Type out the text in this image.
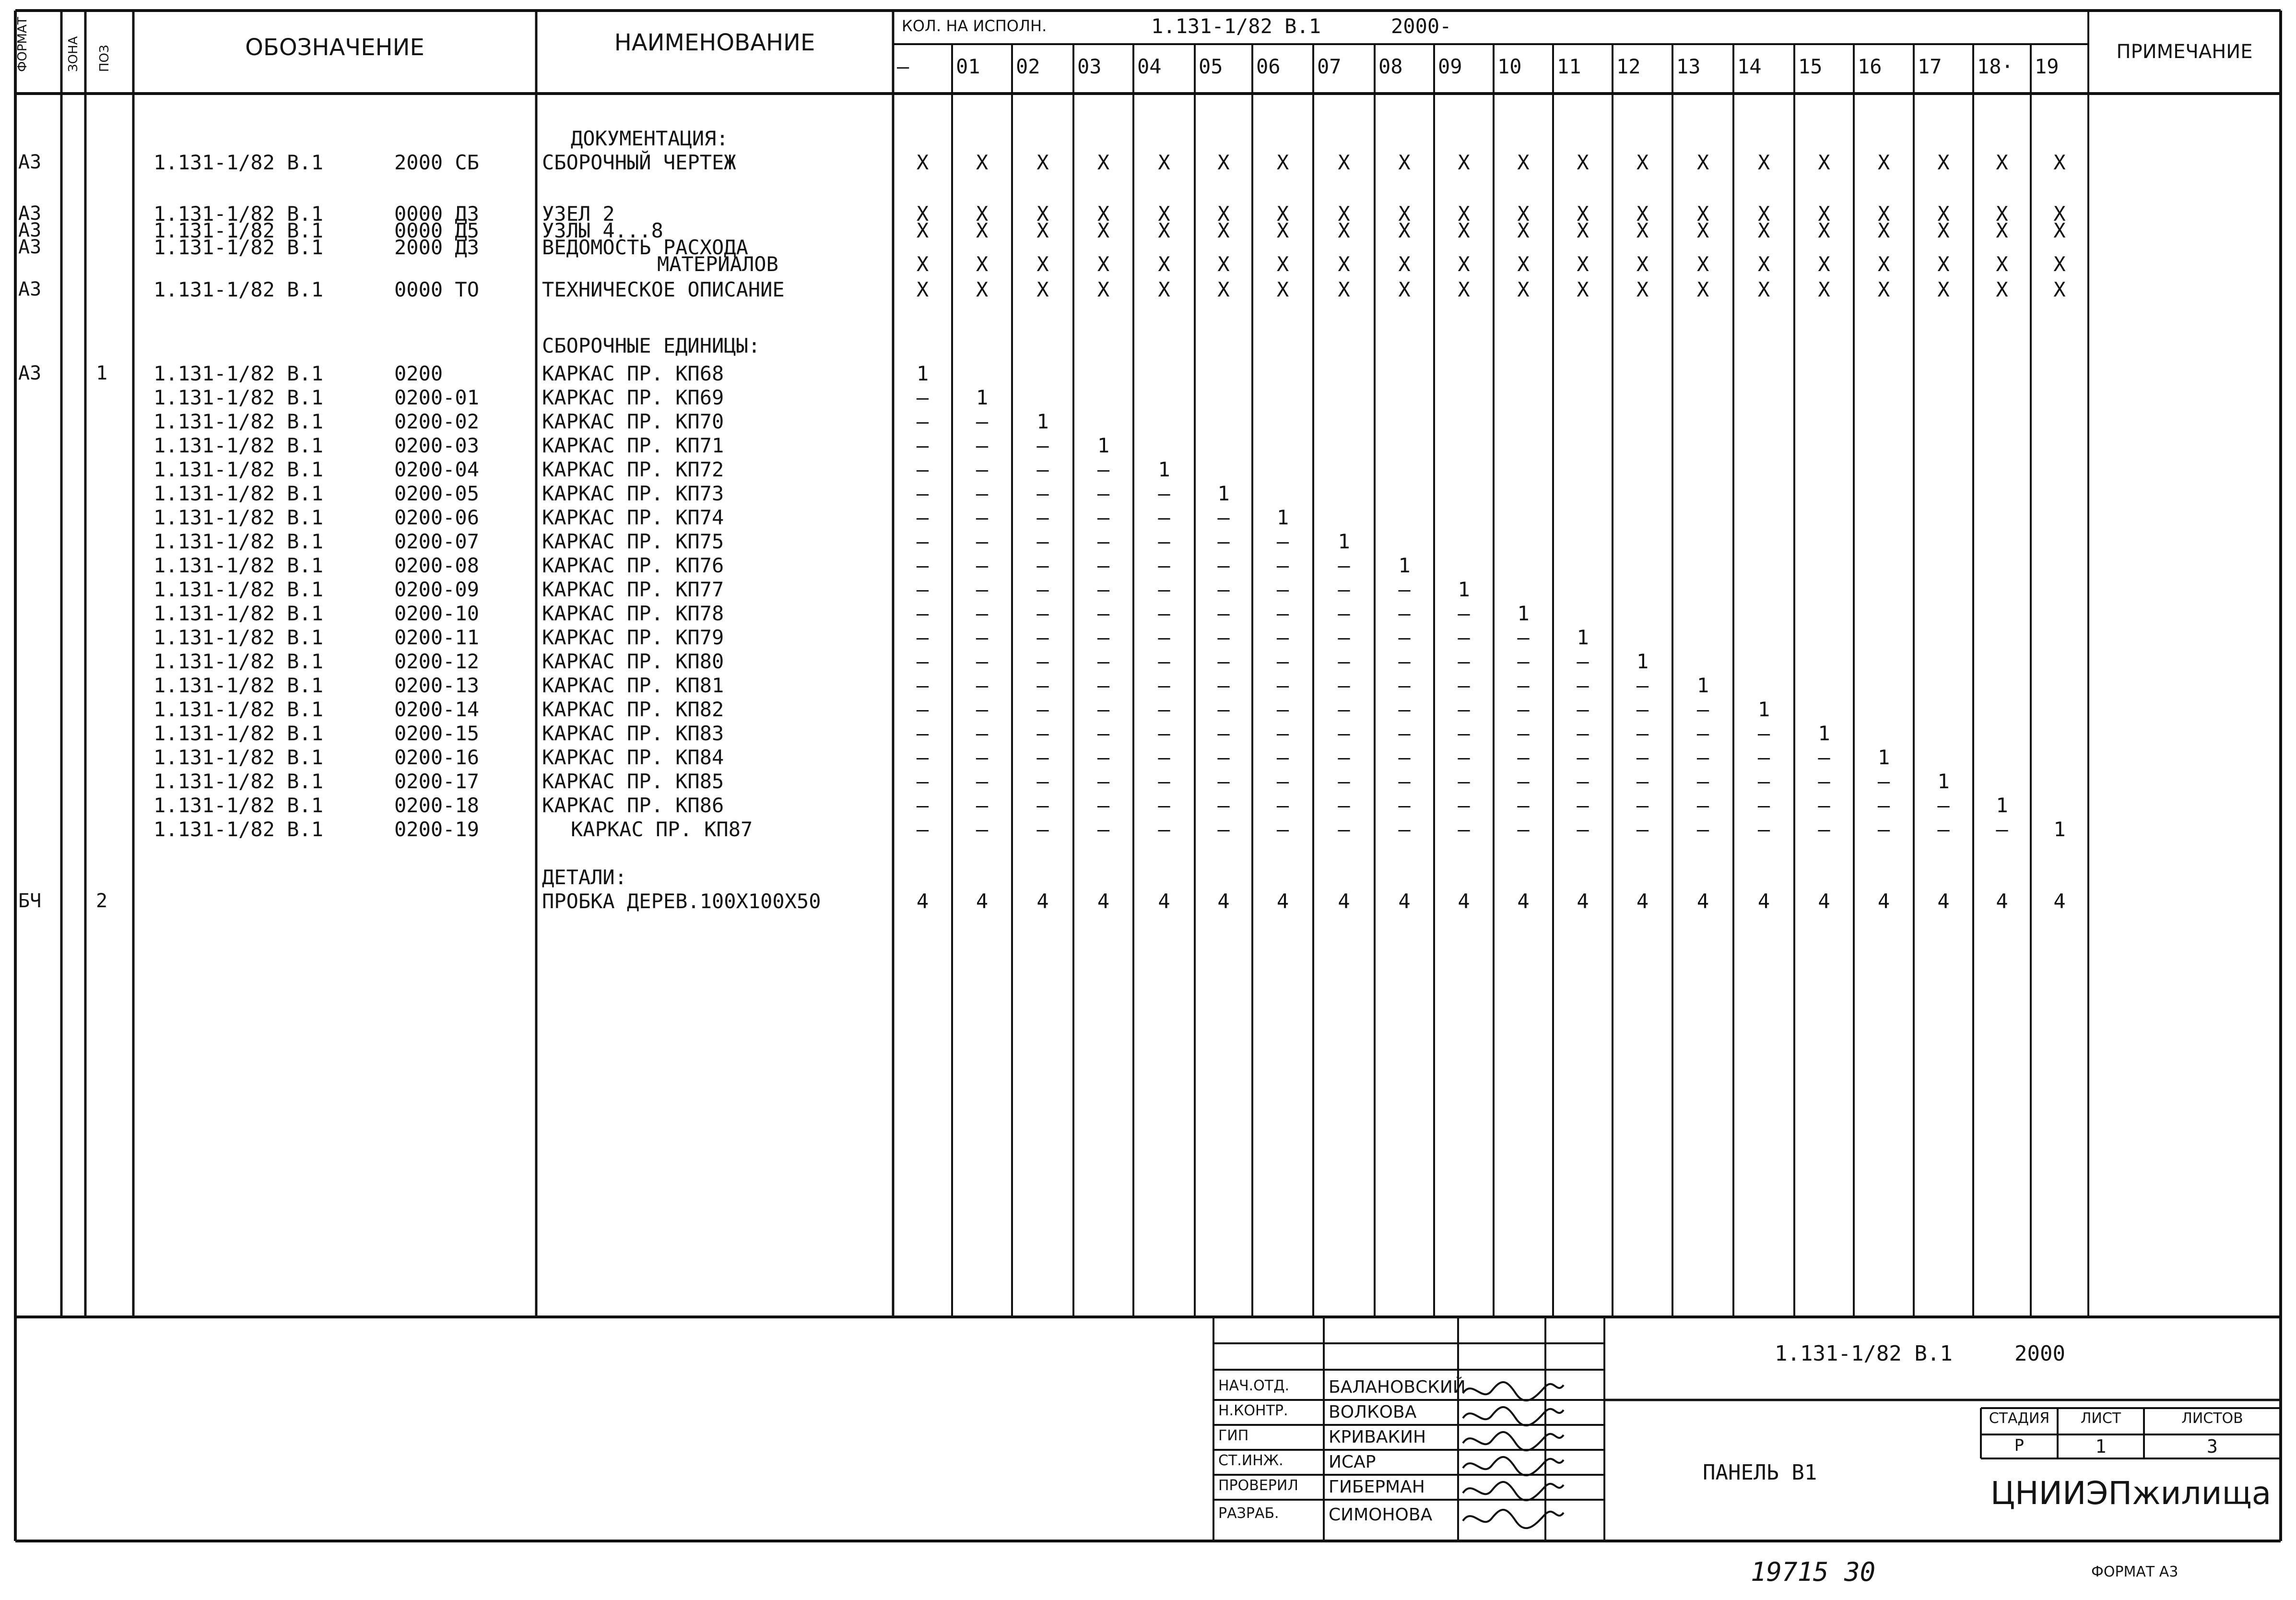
ФОРМАТ	ЗОНА ПОЗ	ОБОЗНАЧЕНИЕ	НАИМЕНОВАНИЕ
КОЛ. НА ИСПОЛН.	1.131-1/82 В.1	2000-
ПРИМЕЧАНИЕ
– 01 02 03 04 05 06 07 08 09 10 11 12 13 14 15 16 17 18· 19
ДОКУМЕНТАЦИЯ:
А3	1.131-1/82 В.1	2000 СБ	СБОРОЧНЫЙ ЧЕРТЕЖ	X	X	X	X	X	X	X	X	X	X	X	X	X	X	X	X	X	X	X	X
А3	1.131-1/82 В.1	0000 ДЗ	УЗЕЛ 2	X	X	X	X	X	X	X	X	X	X	X	X	X	X	X	X	X	X	X	X
А3	1.131-1/82 В.1	0000 Д5	УЗЛЫ 4...8	X	X	X	X	X	X	X	X	X	X	X	X	X	X	X	X	X	X	X	X
А3	1.131-1/82 В.1	2000 ДЗ	ВЕДОМОСТЬ РАСХОДА
МАТЕРИАЛОВ	X	X	X	X	X	X	X	X	X	X	X	X	X	X	X	X	X	X	X	X
А3	1.131-1/82 В.1	0000 ТО	ТЕХНИЧЕСКОЕ ОПИСАНИЕ	X	X	X	X	X	X	X	X	X	X	X	X	X	X	X	X	X	X	X	X
СБОРОЧНЫЕ ЕДИНИЦЫ:
А3	1 1.131-1/82 В.1	0200	КАРКАС ПР. КП68	1
1.131-1/82 В.1	0200-01	КАРКАС ПР. КП69	–	1
1.131-1/82 В.1	0200-02	КАРКАС ПР. КП70	–	–	1
1.131-1/82 В.1	0200-03	КАРКАС ПР. КП71	–	–	–	1
1.131-1/82 В.1	0200-04	КАРКАС ПР. КП72	–	–	–	–	1
1.131-1/82 В.1	0200-05	КАРКАС ПР. КП73	–	–	–	–	–	1
1.131-1/82 В.1	0200-06	КАРКАС ПР. КП74	–	–	–	–	–	–	1
1.131-1/82 В.1	0200-07	КАРКАС ПР. КП75	–	–	–	–	–	–	–	1
1.131-1/82 В.1	0200-08	КАРКАС ПР. КП76	–	–	–	–	–	–	–	–	1
1.131-1/82 В.1	0200-09	КАРКАС ПР. КП77	–	–	–	–	–	–	–	–	–	1
1.131-1/82 В.1	0200-10	КАРКАС ПР. КП78	–	–	–	–	–	–	–	–	–	–	1
1.131-1/82 В.1	0200-11	КАРКАС ПР. КП79	–	–	–	–	–	–	–	–	–	–	–	1
1.131-1/82 В.1	0200-12	КАРКАС ПР. КП80	–	–	–	–	–	–	–	–	–	–	–	–	1
1.131-1/82 В.1	0200-13	КАРКАС ПР. КП81	–	–	–	–	–	–	–	–	–	–	–	–	–	1
1.131-1/82 В.1	0200-14	КАРКАС ПР. КП82	–	–	–	–	–	–	–	–	–	–	–	–	–	–	1
1.131-1/82 В.1	0200-15	КАРКАС ПР. КП83	–	–	–	–	–	–	–	–	–	–	–	–	–	–	–	1
1.131-1/82 В.1	0200-16	КАРКАС ПР. КП84	–	–	–	–	–	–	–	–	–	–	–	–	–	–	–	–	1
1.131-1/82 В.1	0200-17	КАРКАС ПР. КП85	–	–	–	–	–	–	–	–	–	–	–	–	–	–	–	–	–	1
1.131-1/82 В.1	0200-18	КАРКАС ПР. КП86	–	–	–	–	–	–	–	–	–	–	–	–	–	–	–	–	–	–	1
1.131-1/82 В.1	0200-19	КАРКАС ПР. КП87	–	–	–	–	–	–	–	–	–	–	–	–	–	–	–	–	–	–	–	1
ДЕТАЛИ:
БЧ	2	ПРОБКА ДЕРЕВ.100Х100Х50	4	4	4	4	4	4	4	4	4	4	4	4	4	4	4	4	4	4	4	4
НАЧ.ОТД. БАЛАНОВСКИЙ
Н.КОНТР. ВОЛКОВА
ГИП	КРИВАКИН
СТ.ИНЖ.	ИСАР
ПРОВЕРИЛ ГИБЕРМАН
РАЗРАБ.	СИМОНОВА
1.131-1/82 В.1	2000
ПАНЕЛЬ В1
СТАДИЯ	ЛИСТ	ЛИСТОВ
Р	1	3
ЦНИИЭПжилища
19715 30	ФОРМАТ А3
